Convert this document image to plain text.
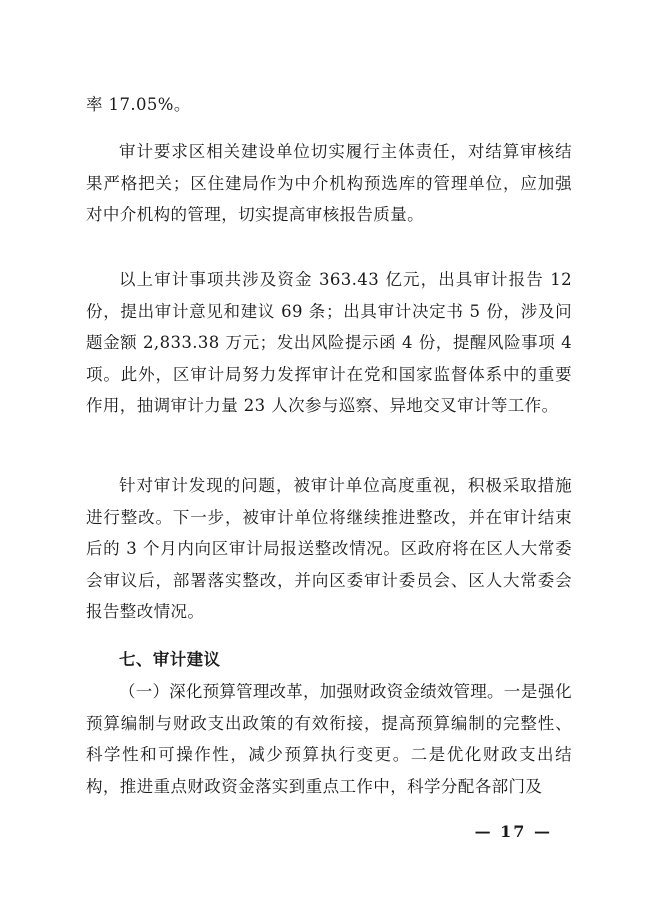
率 17.05%。

审计要求区相关建设单位切实履行主体责任，对结算审核结果严格把关；区住建局作为中介机构预选库的管理单位，应加强对中介机构的管理，切实提高审核报告质量。

以上审计事项共涉及资金 363.43 亿元，出具审计报告 12 份，提出审计意见和建议 69 条；出具审计决定书 5 份，涉及问题金额 2,833.38 万元；发出风险提示函 4 份，提醒风险事项 4 项。此外，区审计局努力发挥审计在党和国家监督体系中的重要作用，抽调审计力量 23 人次参与巡察、异地交叉审计等工作。

针对审计发现的问题，被审计单位高度重视，积极采取措施进行整改。下一步，被审计单位将继续推进整改，并在审计结束后的 3 个月内向区审计局报送整改情况。区政府将在区人大常委会审议后，部署落实整改，并向区委审计委员会、区人大常委会报告整改情况。

七、审计建议

（一）深化预算管理改革，加强财政资金绩效管理。一是强化预算编制与财政支出政策的有效衔接，提高预算编制的完整性、科学性和可操作性，减少预算执行变更。二是优化财政支出结构，推进重点财政资金落实到重点工作中，科学分配各部门及

— 17 —
